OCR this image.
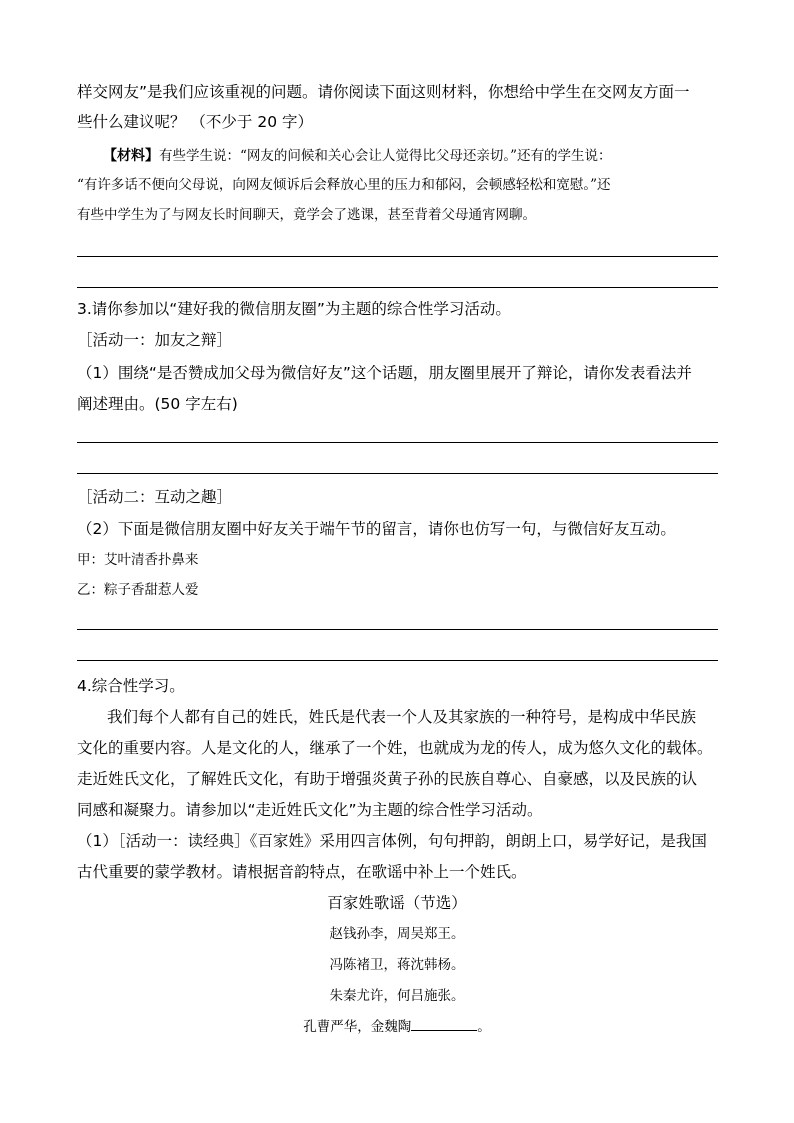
样交网友”是我们应该重视的问题。请你阅读下面这则材料，你想给中学生在交网友方面一
些什么建议呢？ （不少于 20 字）
【材料】有些学生说：“网友的问候和关心会让人觉得比父母还亲切。”还有的学生说：
“有许多话不便向父母说，向网友倾诉后会释放心里的压力和郁闷，会顿感轻松和宽慰。”还
有些中学生为了与网友长时间聊天，竟学会了逃课，甚至背着父母通宵网聊。
3.请你参加以“建好我的微信朋友圈”为主题的综合性学习活动。
［活动一：加友之辩］
（1）围绕“是否赞成加父母为微信好友”这个话题，朋友圈里展开了辩论，请你发表看法并
阐述理由。(50 字左右)
［活动二：互动之趣］
（2）下面是微信朋友圈中好友关于端午节的留言，请你也仿写一句，与微信好友互动。
甲：艾叶清香扑鼻来
乙：粽子香甜惹人爱
4.综合性学习。
我们每个人都有自己的姓氏，姓氏是代表一个人及其家族的一种符号，是构成中华民族
文化的重要内容。人是文化的人，继承了一个姓，也就成为龙的传人，成为悠久文化的载体。
走近姓氏文化，了解姓氏文化，有助于增强炎黄子孙的民族自尊心、自豪感，以及民族的认
同感和凝聚力。请参加以“走近姓氏文化”为主题的综合性学习活动。
（1）［活动一：读经典］《百家姓》采用四言体例，句句押韵，朗朗上口，易学好记，是我国
古代重要的蒙学教材。请根据音韵特点，在歌谣中补上一个姓氏。
百家姓歌谣（节选）
赵钱孙李，周吴郑王。
冯陈褚卫，蒋沈韩杨。
朱秦尤许，何吕施张。
孔曹严华，金魏陶	。
